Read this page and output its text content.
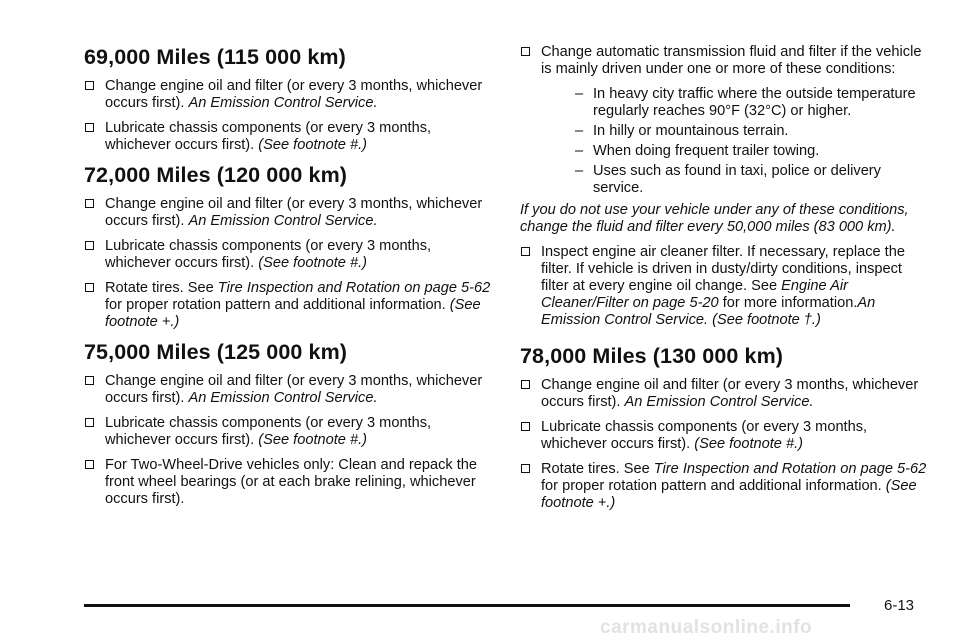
69,000 Miles (115 000 km)
Change engine oil and filter (or every 3 months, whichever occurs first). An Emission Control Service.
Lubricate chassis components (or every 3 months, whichever occurs first). (See footnote #.)
72,000 Miles (120 000 km)
Change engine oil and filter (or every 3 months, whichever occurs first). An Emission Control Service.
Lubricate chassis components (or every 3 months, whichever occurs first). (See footnote #.)
Rotate tires. See Tire Inspection and Rotation on page 5-62 for proper rotation pattern and additional information. (See footnote +.)
75,000 Miles (125 000 km)
Change engine oil and filter (or every 3 months, whichever occurs first). An Emission Control Service.
Lubricate chassis components (or every 3 months, whichever occurs first). (See footnote #.)
For Two-Wheel-Drive vehicles only: Clean and repack the front wheel bearings (or at each brake relining, whichever occurs first).
Change automatic transmission fluid and filter if the vehicle is mainly driven under one or more of these conditions:
– In heavy city traffic where the outside temperature regularly reaches 90°F (32°C) or higher.
– In hilly or mountainous terrain.
– When doing frequent trailer towing.
– Uses such as found in taxi, police or delivery service.
If you do not use your vehicle under any of these conditions, change the fluid and filter every 50,000 miles (83 000 km).
Inspect engine air cleaner filter. If necessary, replace the filter. If vehicle is driven in dusty/dirty conditions, inspect filter at every engine oil change. See Engine Air Cleaner/Filter on page 5-20 for more information.An Emission Control Service. (See footnote †.)
78,000 Miles (130 000 km)
Change engine oil and filter (or every 3 months, whichever occurs first). An Emission Control Service.
Lubricate chassis components (or every 3 months, whichever occurs first). (See footnote #.)
Rotate tires. See Tire Inspection and Rotation on page 5-62 for proper rotation pattern and additional information. (See footnote +.)
6-13
carmanualsonline.info
